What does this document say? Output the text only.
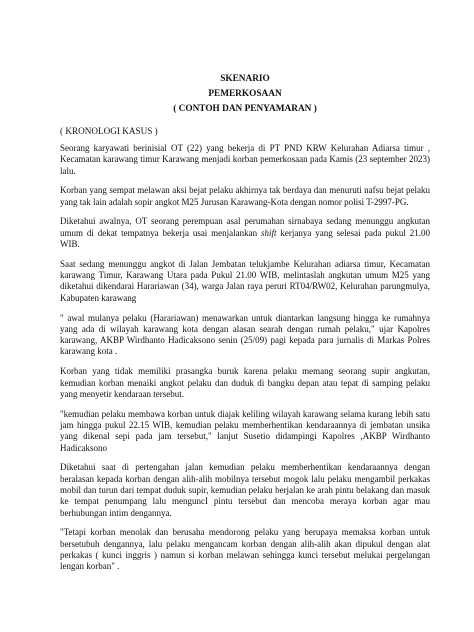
SKENARIO
PEMERKOSAAN
( CONTOH DAN PENYAMARAN )
( KRONOLOGI KASUS )

Seorang karyawati berinisial OT (22) yang bekerja di PT PND KRW Kelurahan Adiarsa timur , Kecamatan karawang timur Karawang menjadi korban pemerkosaan pada Kamis (23 september 2023) lalu.

Korban yang sempat melawan aksi bejat pelaku akhirnya tak berdaya dan menuruti nafsu bejat pelaku yang tak lain adalah sopir angkot M25 Jurusan Karawang-Kota dengan nomor polisi T-2997-PG.

Diketahui awalnya, OT seorang perempuan asal perumahan sirnabaya sedang menunggu angkutan umum di dekat tempatnya bekerja usai menjalankan shift kerjanya yang selesai pada pukul 21.00 WIB.

Saat sedang menunggu angkot di Jalan Jembatan telukjambe Kelurahan adiarsa timur, Kecamatan karawang Timur, Karawang Utara pada Pukul 21.00 WIB, melintaslah angkutan umum M25 yang diketahui dikendarai Harariawan (34), warga Jalan raya peruri RT04/RW02, Kelurahan parungmulya, Kabupaten karawang

" awal mulanya pelaku (Harariawan) menawarkan untuk diantarkan langsung hingga ke rumahnya yang ada di wilayah karawang kota dengan alasan searah dengan rumah pelaku," ujar Kapolres karawang, AKBP Wirdhanto Hadicaksono senin (25/09) pagi kepada para jurnalis di Markas Polres karawang kota .

Korban yang tidak memiliki prasangka buruk karena pelaku memang seorang supir angkutan, kemudian korban menaiki angkot pelaku dan duduk di bangku depan atau tepat di samping pelaku yang menyetir kendaraan tersebut.

"kemudian pelaku membawa korban untuk diajak keliling wilayah karawang selama kurang lebih satu jam hingga pukul 22.15 WIB, kemudian pelaku memberhentikan kendaraannya di jembatan unsika yang dikenal sepi pada jam tersebut," lanjut Susetio didampingi Kapolres ,AKBP Wirdhanto Hadicaksono

Diketahui saat di pertengahan jalan kemudian pelaku memberhentikan kendaraannya dengan beralasan kepada korban dengan alih-alih mobilnya tersebut mogok lalu pelaku mengambil perkakas mobil dan turun dari tempat duduk supir, kemudian pelaku berjalan ke arah pintu belakang dan masuk ke tempat penumpang lalu menguncI pintu tersebut dan mencoba meraya korban agar mau berhubungan intim dengannya.

"Tetapi korban menolak dan berusaha mendorong pelaku yang berupaya memaksa korban untuk bersetubuh dengannya, lalu pelaku mengancam korban dengan alih-alih akan dipukul dengan alat perkakas ( kunci inggris ) namun si korban melawan sehingga kunci tersebut melukai pergelangan lengan korban" .
